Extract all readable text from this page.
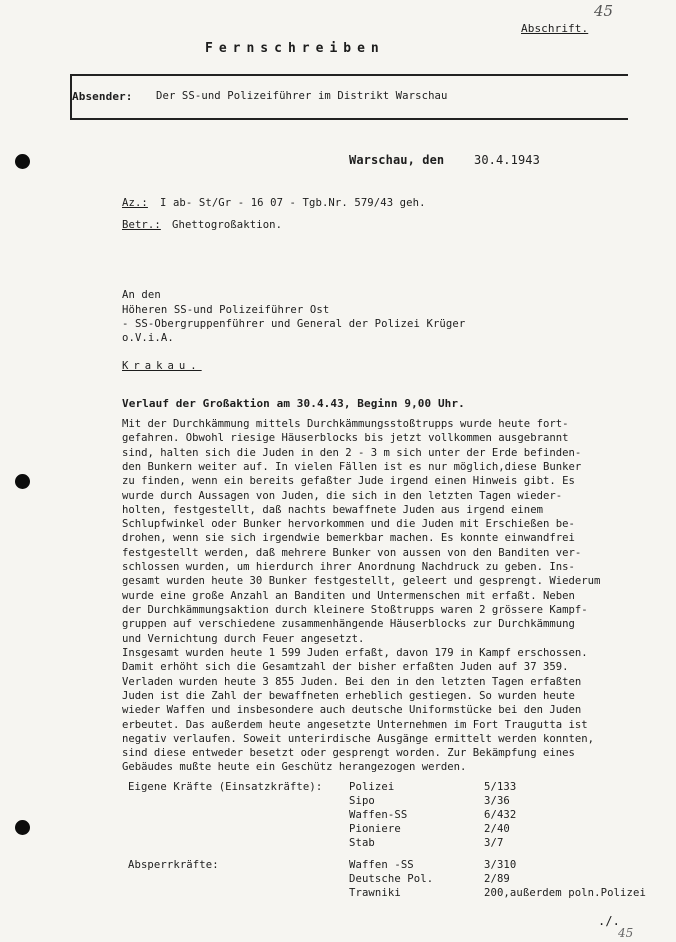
Abschrift.
45
Fernschreiben
Absender: Der SS-und Polizeiführer im Distrikt Warschau
Warschau, den 30.4.1943
Az.: I ab- St/Gr - 16 07 - Tgb.Nr. 579/43 geh.
Betr.: Ghettogroßaktion.
An den
Höheren SS-und Polizeiführer Ost
- SS-Obergruppenführer und General der Polizei Krüger
o.V.i.A.
Krakau.
Verlauf der Großaktion am 30.4.43, Beginn 9,00 Uhr.
Mit der Durchkämmung mittels Durchkämmungsstoßtrupps wurde heute fort-
gefahren. Obwohl riesige Häuserblocks bis jetzt vollkommen ausgebrannt
sind, halten sich die Juden in den 2 - 3 m sich unter der Erde befinden-
den Bunkern weiter auf. In vielen Fällen ist es nur möglich,diese Bunker
zu finden, wenn ein bereits gefaßter Jude irgend einen Hinweis gibt. Es
wurde durch Aussagen von Juden, die sich in den letzten Tagen wieder-
holten, festgestellt, daß nachts bewaffnete Juden aus irgend einem
Schlupfwinkel oder Bunker hervorkommen und die Juden mit Erschießen be-
drohen, wenn sie sich irgendwie bemerkbar machen. Es konnte einwandfrei
festgestellt werden, daß mehrere Bunker von aussen von den Banditen ver-
schlossen wurden, um hierdurch ihrer Anordnung Nachdruck zu geben. Ins-
gesamt wurden heute 30 Bunker festgestellt, geleert und gesprengt. Wiederum
wurde eine große Anzahl an Banditen und Untermenschen mit erfaßt. Neben
der Durchkämmungsaktion durch kleinere Stoßtrupps waren 2 grössere Kampf-
gruppen auf verschiedene zusammenhängende Häuserblocks zur Durchkämmung
und Vernichtung durch Feuer angesetzt.
Insgesamt wurden heute 1 599 Juden erfaßt, davon 179 in Kampf erschossen.
Damit erhöht sich die Gesamtzahl der bisher erfaßten Juden auf 37 359.
Verladen wurden heute 3 855 Juden. Bei den in den letzten Tagen erfaßten
Juden ist die Zahl der bewaffneten erheblich gestiegen. So wurden heute
wieder Waffen und insbesondere auch deutsche Uniformstücke bei den Juden
erbeutet. Das außerdem heute angesetzte Unternehmen im Fort Traugutta ist
negativ verlaufen. Soweit unterirdische Ausgänge ermittelt werden konnten,
sind diese entweder besetzt oder gesprengt worden. Zur Bekämpfung eines
Gebäudes mußte heute ein Geschütz herangezogen werden.
Eigene Kräfte (Einsatzkräfte):	Polizei	5/133
Sipo	3/36
Waffen-SS	6/432
Pioniere	2/40
Stab	3/7
Absperrkräfte:	Waffen -SS	3/310
Deutsche Pol.	2/89
Trawniki	200,außerdem poln.Polizei
./.
45
